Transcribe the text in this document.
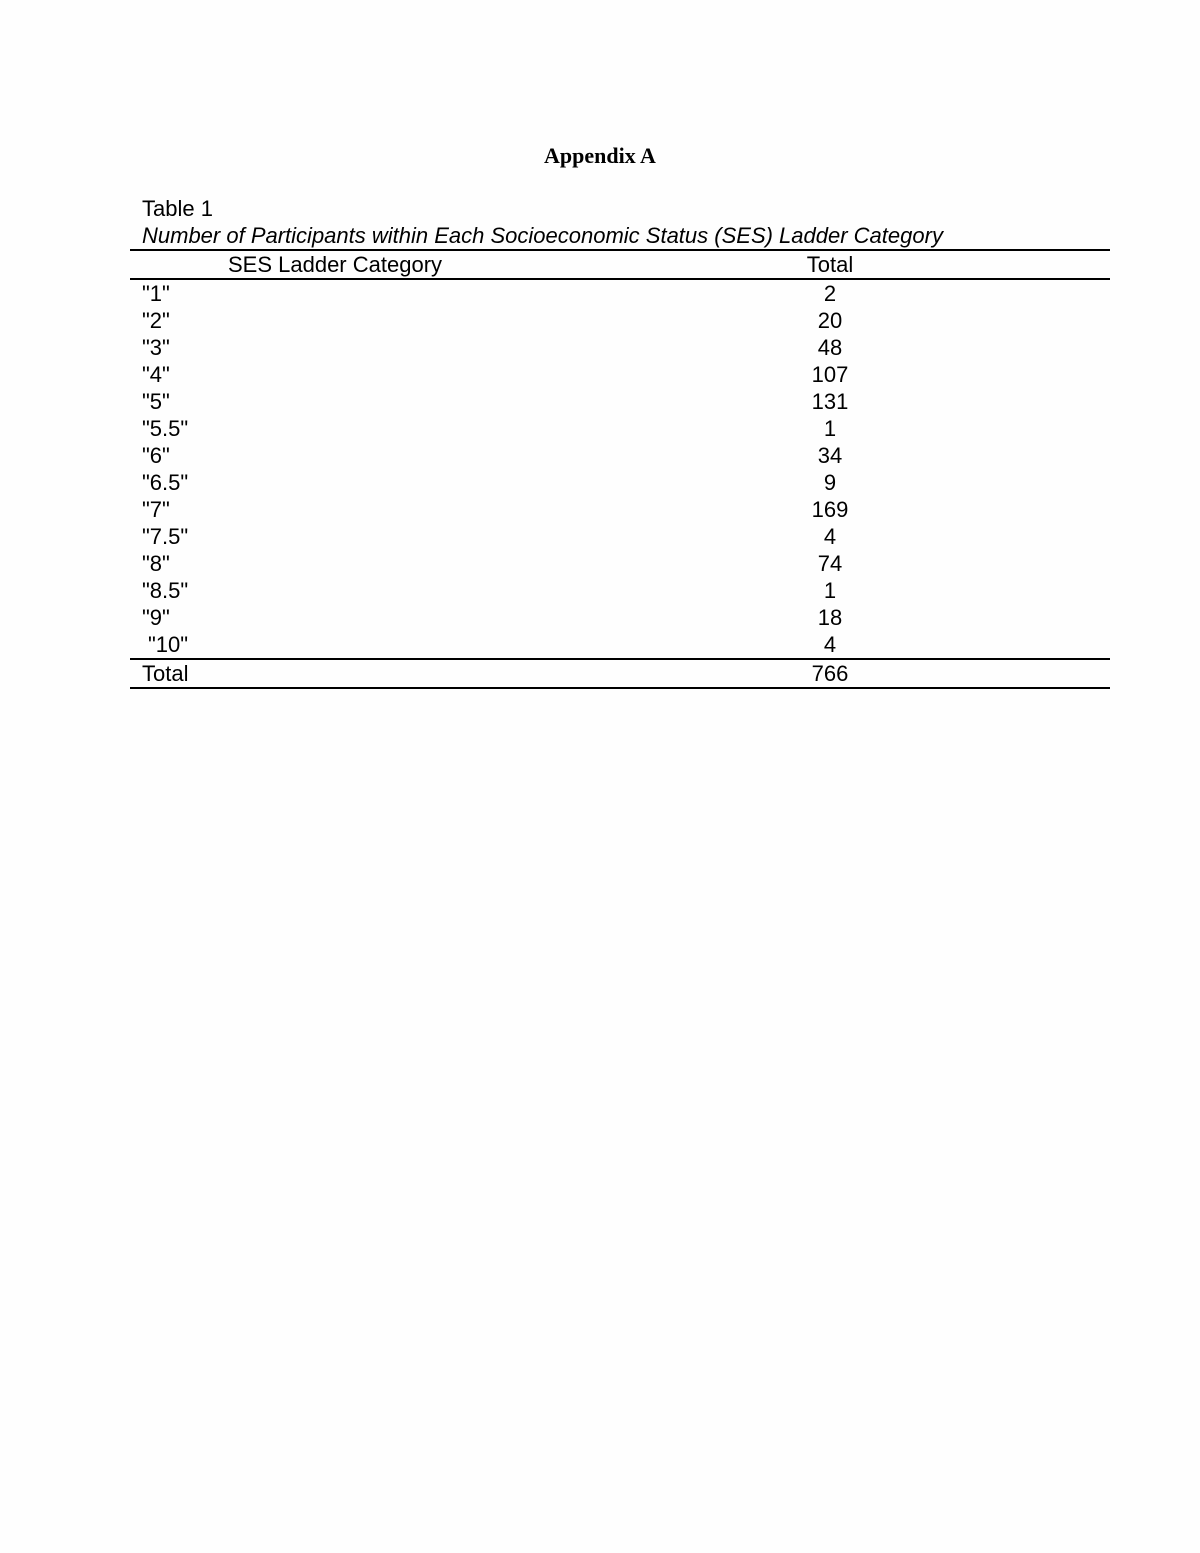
Appendix A
Table 1
Number of Participants within Each Socioeconomic Status (SES) Ladder Category
SES Ladder Category	Total
"1"	2
"2"	20
"3"	48
"4"	107
"5"	131
"5.5"	1
"6"	34
"6.5"	9
"7"	169
"7.5"	4
"8"	74
"8.5"	1
"9"	18
"10"	4
Total	766
